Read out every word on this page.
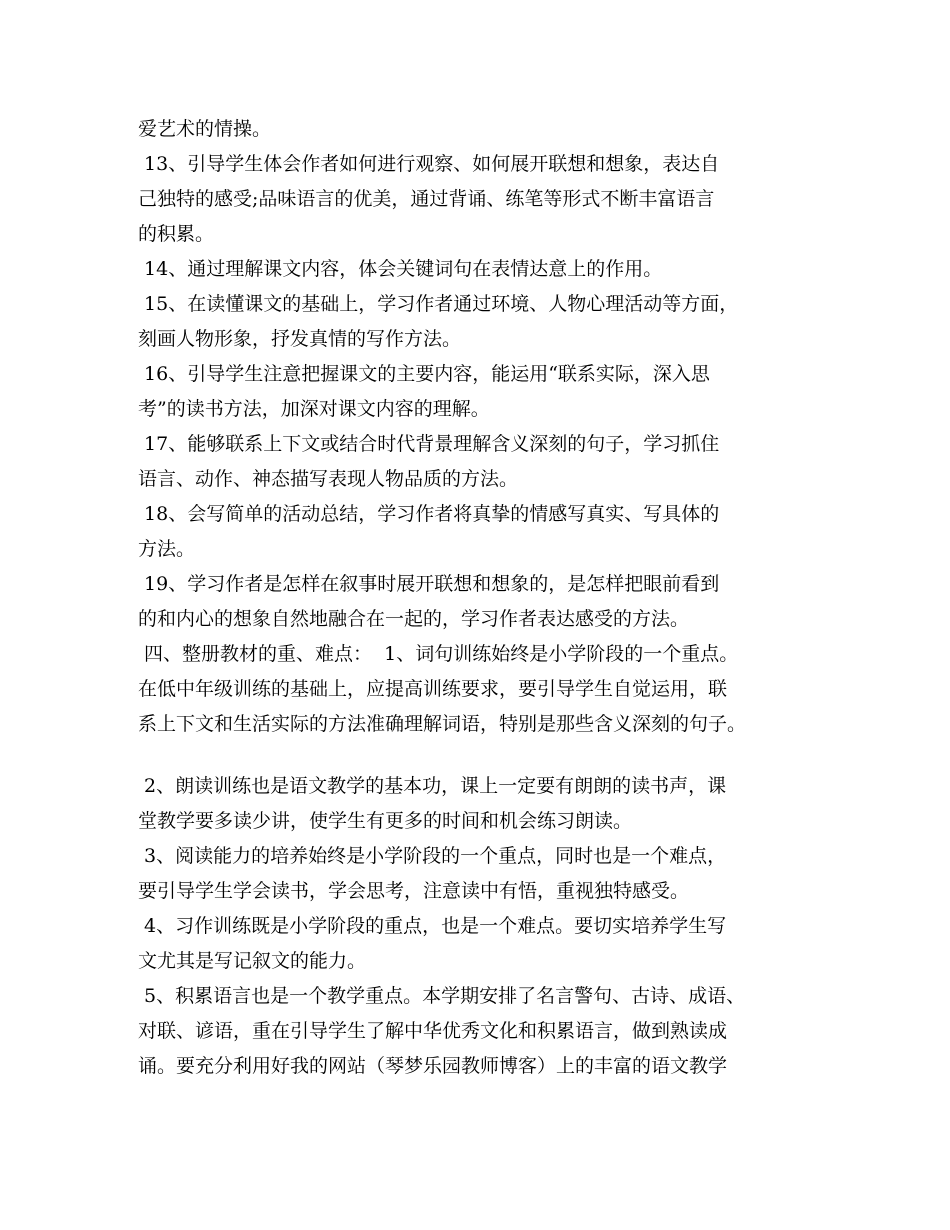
爱艺术的情操。
13、引导学生体会作者如何进行观察、如何展开联想和想象，表达自
己独特的感受;品味语言的优美，通过背诵、练笔等形式不断丰富语言
的积累。
14、通过理解课文内容，体会关键词句在表情达意上的作用。
15、在读懂课文的基础上，学习作者通过环境、人物心理活动等方面，
刻画人物形象，抒发真情的写作方法。
16、引导学生注意把握课文的主要内容，能运用“联系实际，深入思
考”的读书方法，加深对课文内容的理解。
17、能够联系上下文或结合时代背景理解含义深刻的句子，学习抓住
语言、动作、神态描写表现人物品质的方法。
18、会写简单的活动总结，学习作者将真挚的情感写真实、写具体的
方法。
19、学习作者是怎样在叙事时展开联想和想象的，是怎样把眼前看到
的和内心的想象自然地融合在一起的，学习作者表达感受的方法。
四、整册教材的重、难点：  1、词句训练始终是小学阶段的一个重点。
在低中年级训练的基础上，应提高训练要求，要引导学生自觉运用，联
系上下文和生活实际的方法准确理解词语，特别是那些含义深刻的句子。
2、朗读训练也是语文教学的基本功，课上一定要有朗朗的读书声，课
堂教学要多读少讲，使学生有更多的时间和机会练习朗读。
3、阅读能力的培养始终是小学阶段的一个重点，同时也是一个难点，
要引导学生学会读书，学会思考，注意读中有悟，重视独特感受。
4、习作训练既是小学阶段的重点，也是一个难点。要切实培养学生写
文尤其是写记叙文的能力。
5、积累语言也是一个教学重点。本学期安排了名言警句、古诗、成语、
对联、谚语，重在引导学生了解中华优秀文化和积累语言，做到熟读成
诵。要充分利用好我的网站（琴梦乐园教师博客）上的丰富的语文教学
